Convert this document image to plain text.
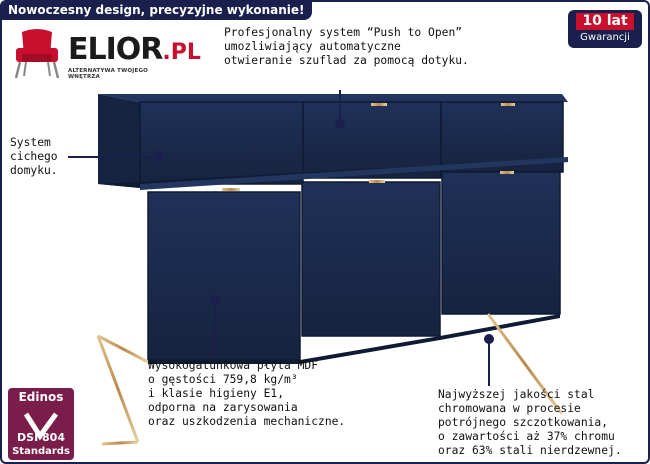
Nowoczesny design, precyzyjne wykonanie!
ELIOR.PL
ALTERNATYWA TWOJEGO WNĘTRZA
10 lat
Gwarancji
Profesjonalny system “Push to Open”
umozliwiający automatyczne
otwieranie szuflad za pomocą dotyku.
System
cichego
domyku.
Wysokogatunkowa płyta MDF
o gęstości 759,8 kg/m³
i klasie higieny E1,
odporna na zarysowania
oraz uszkodzenia mechaniczne.
Najwyższej jakości stal
chromowana w procesie
potrójnego szczotkowania,
o zawartości aż 37% chromu
oraz 63% stali nierdzewnej.
Edinos
DSI 804
Standards
